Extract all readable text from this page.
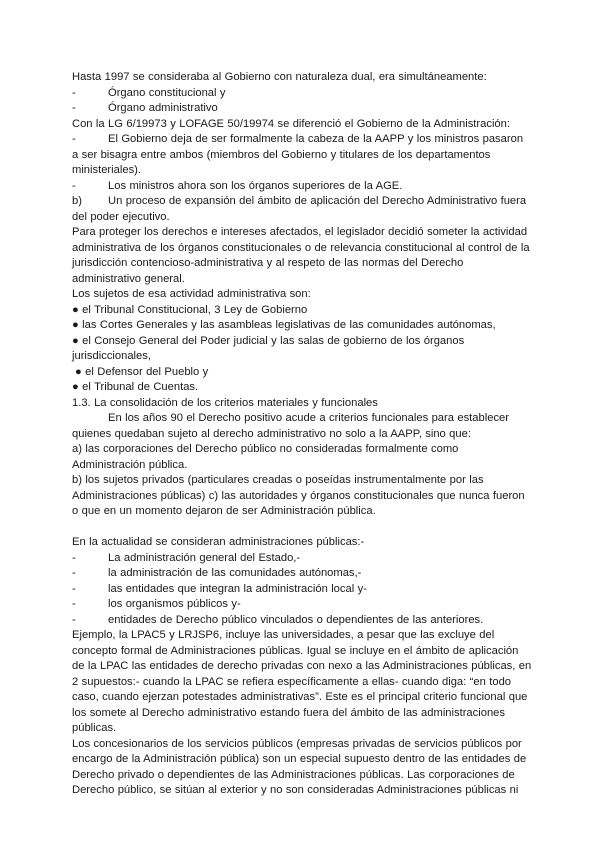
Hasta 1997 se consideraba al Gobierno con naturaleza dual, era simultáneamente:

-	Órgano constitucional y
-	Órgano administrativo

Con la LG 6/19973 y LOFAGE 50/19974 se diferenció el Gobierno de la Administración:

-	El Gobierno deja de ser formalmente la cabeza de la AAPP y los ministros pasaron a ser bisagra entre ambos (miembros del Gobierno y titulares de los departamentos ministeriales).

-	Los ministros ahora son los órganos superiores de la AGE.

b) Un proceso de expansión del ámbito de aplicación del Derecho Administrativo fuera del poder ejecutivo.

Para proteger los derechos e intereses afectados, el legislador decidió someter la actividad administrativa de los órganos constitucionales o de relevancia constitucional al control de la jurisdicción contencioso-administrativa y al respeto de las normas del Derecho administrativo general.

Los sujetos de esa actividad administrativa son:

● el Tribunal Constitucional, 3 Ley de Gobierno

● las Cortes Generales y las asambleas legislativas de las comunidades autónomas,

● el Consejo General del Poder judicial y las salas de gobierno de los órganos jurisdiccionales,

● el Defensor del Pueblo y

● el Tribunal de Cuentas.

1.3. La consolidación de los criterios materiales y funcionales

En los años 90 el Derecho positivo acude a criterios funcionales para establecer quienes quedaban sujeto al derecho administrativo no solo a la AAPP, sino que:

a) las corporaciones del Derecho público no consideradas formalmente como Administración pública.

b) los sujetos privados (particulares creadas o poseídas instrumentalmente por las Administraciones públicas) c) las autoridades y órganos constitucionales que nunca fueron o que en un momento dejaron de ser Administración pública.

En la actualidad se consideran administraciones públicas:-

-	La administración general del Estado,-
-	la administración de las comunidades autónomas,-
-	las entidades que integran la administración local y-
-	los organismos públicos y-
-	entidades de Derecho público vinculados o dependientes de las anteriores.

Ejemplo, la LPAC5 y LRJSP6, incluye las universidades, a pesar que las excluye del concepto formal de Administraciones públicas. Igual se incluye en el ámbito de aplicación de la LPAC las entidades de derecho privadas con nexo a las Administraciones públicas, en 2 supuestos:- cuando la LPAC se refiera específicamente a ellas- cuando diga: “en todo caso, cuando ejerzan potestades administrativas”. Este es el principal criterio funcional que los somete al Derecho administrativo estando fuera del ámbito de las administraciones públicas.

Los concesionarios de los servicios públicos (empresas privadas de servicios públicos por encargo de la Administración pública) son un especial supuesto dentro de las entidades de Derecho privado o dependientes de las Administraciones públicas. Las corporaciones de Derecho público, se sitúan al exterior y no son consideradas Administraciones públicas ni
